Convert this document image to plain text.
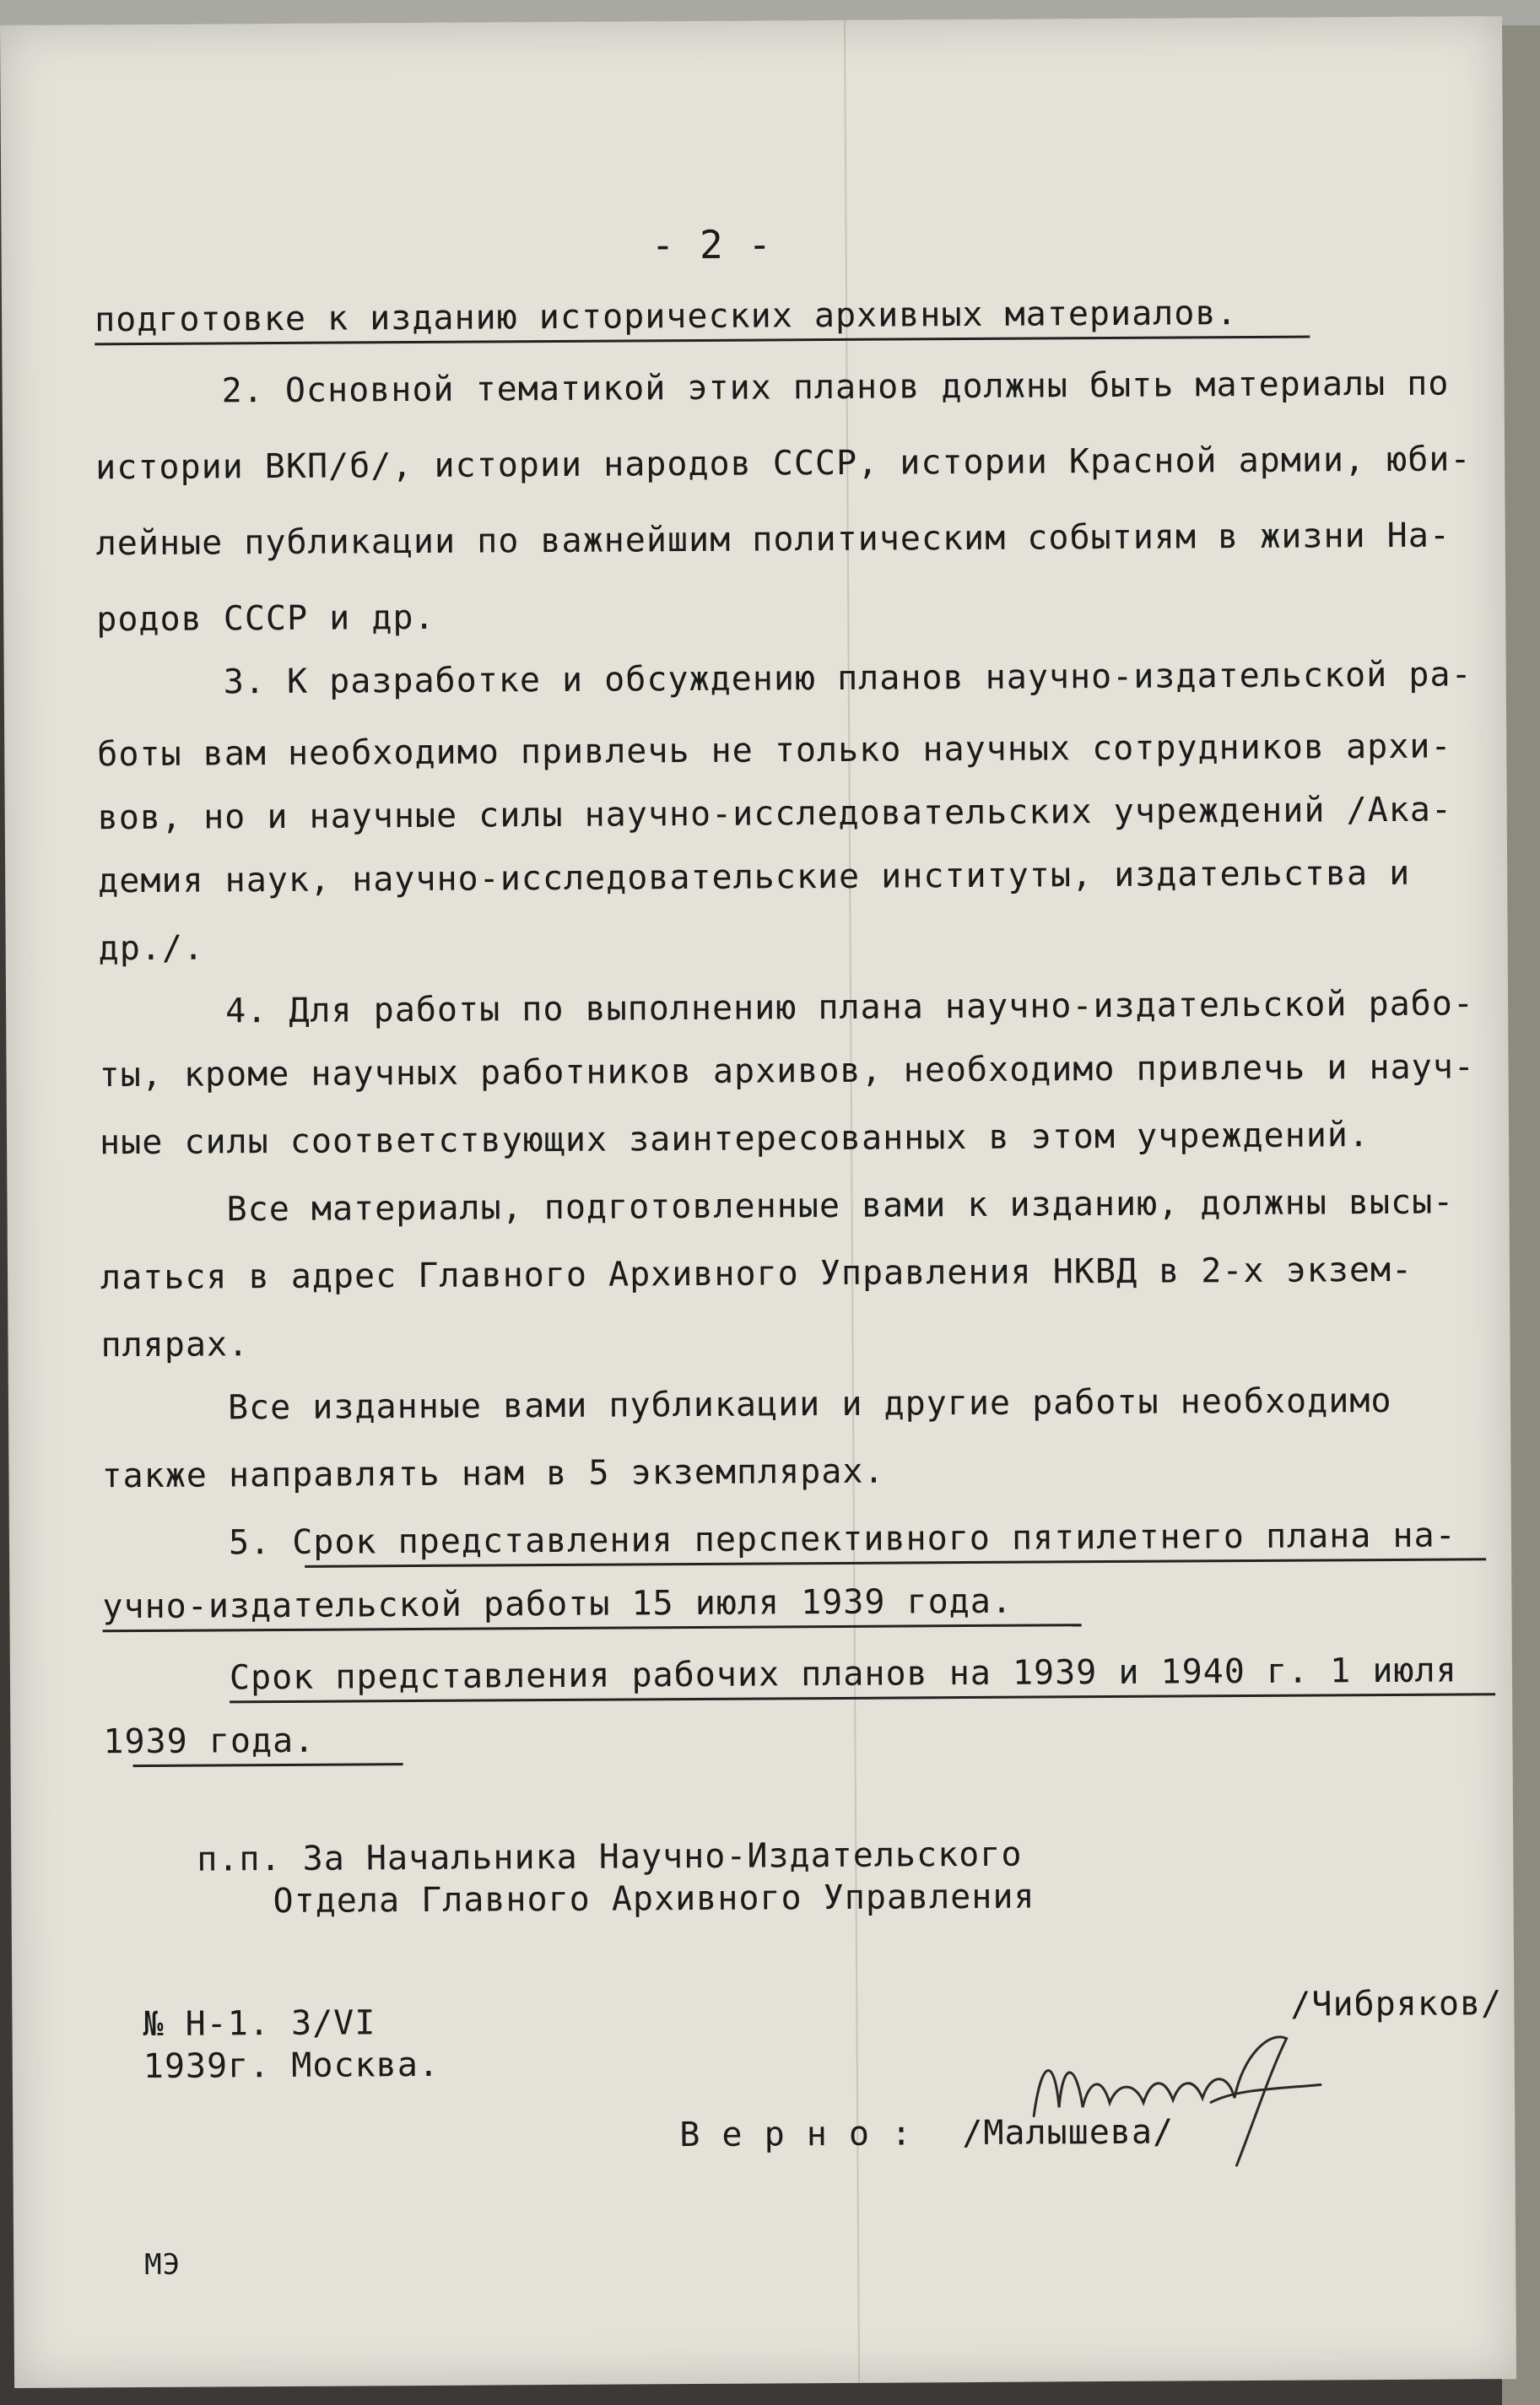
- 2 -
подготовке к изданию исторических архивных материалов.
2. Основной тематикой этих планов должны быть материалы по
истории ВКП/б/, истории народов СССР, истории Красной армии, юби-
лейные публикации по важнейшим политическим событиям в жизни На-
родов СССР и др.
3. К разработке и обсуждению планов научно-издательской ра-
боты вам необходимо привлечь не только научных сотрудников архи-
вов, но и научные силы научно-исследовательских учреждений /Ака-
демия наук, научно-исследовательские институты, издательства и
др./.
4. Для работы по выполнению плана научно-издательской рабо-
ты, кроме научных работников архивов, необходимо привлечь и науч-
ные силы соответствующих заинтересованных в этом учреждений.
Все материалы, подготовленные вами к изданию, должны высы-
латься в адрес Главного Архивного Управления НКВД в 2-х экзем-
плярах.
Все изданные вами публикации и другие работы необходимо
также направлять нам в 5 экземплярах.
5. Срок представления перспективного пятилетнего плана на-
учно-издательской работы 15 июля 1939 года.
Срок представления рабочих планов на 1939 и 1940 г. 1 июля
1939 года.
п.п. За Начальника Научно-Издательского
Отдела Главного Архивного Управления
/Чибряков/
№ Н-1. 3/VI
1939г. Москва.
В е р н о : /Малышева/
МЭ
